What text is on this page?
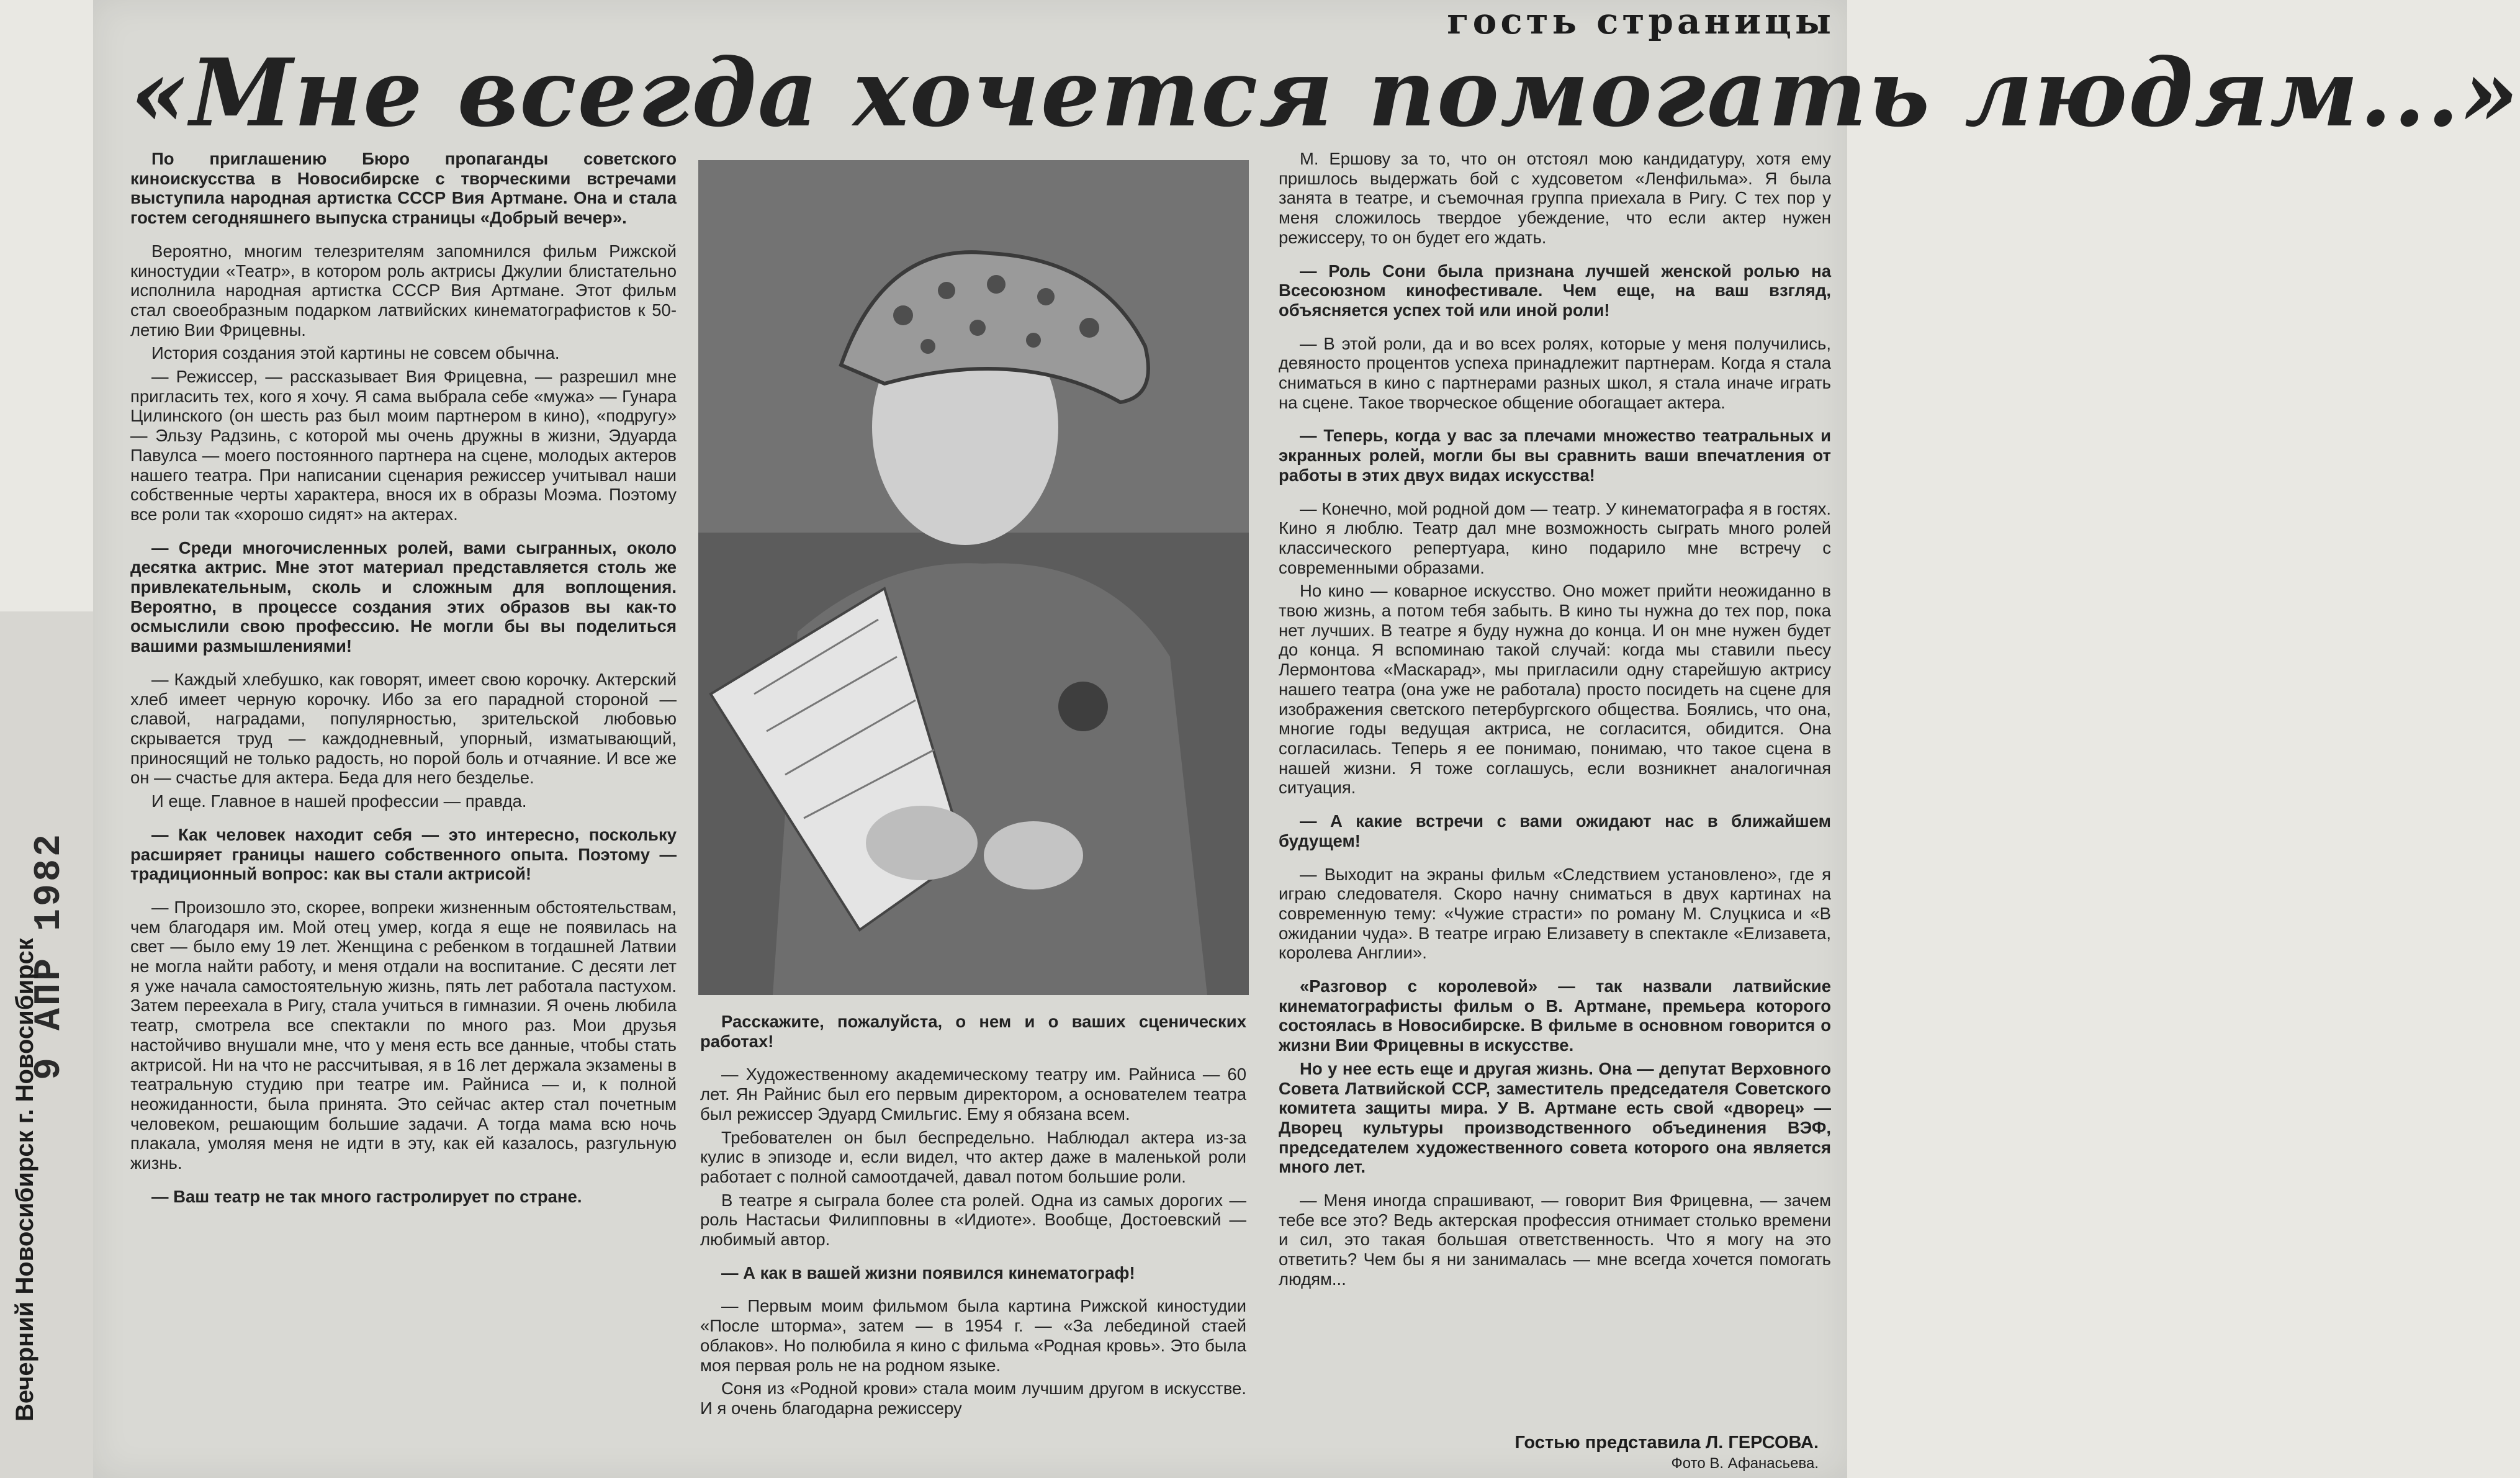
9 АПР 1982
Вечерний Новосибирск г. Новосибирск
гость страницы
«Мне всегда хочется помогать людям...»

По приглашению Бюро пропаганды советского киноискусства в Новосибирске с творческими встречами выступила народная артистка СССР Вия Артмане. Она и стала гостем сегодняшнего выпуска страницы «Добрый вечер».

Вероятно, многим телезрителям запомнился фильм Рижской киностудии «Театр», в котором роль актрисы Джулии блистательно исполнила народная артистка СССР Вия Артмане. Этот фильм стал своеобразным подарком латвийских кинематографистов к 50-летию Вии Фрицевны.

История создания этой картины не совсем обычна.

— Режиссер, — рассказывает Вия Фрицевна, — разрешил мне пригласить тех, кого я хочу. Я сама выбрала себе «мужа» — Гунара Цилинского (он шесть раз был моим партнером в кино), «подругу» — Эльзу Радзинь, с которой мы очень дружны в жизни, Эдуарда Павулса — моего постоянного партнера на сцене, молодых актеров нашего театра. При написании сценария режиссер учитывал наши собственные черты характера, внося их в образы Моэма. Поэтому все роли так «хорошо сидят» на актерах.

— Среди многочисленных ролей, вами сыгранных, около десятка актрис. Мне этот материал представляется столь же привлекательным, сколь и сложным для воплощения. Вероятно, в процессе создания этих образов вы как-то осмыслили свою профессию. Не могли бы вы поделиться вашими размышлениями!

— Каждый хлебушко, как говорят, имеет свою корочку. Актерский хлеб имеет черную корочку. Ибо за его парадной стороной — славой, наградами, популярностью, зрительской любовью скрывается труд — каждодневный, упорный, изматывающий, приносящий не только радость, но порой боль и отчаяние. И все же он — счастье для актера. Беда для него безделье.

И еще. Главное в нашей профессии — правда.

— Как человек находит себя — это интересно, поскольку расширяет границы нашего собственного опыта. Поэтому — традиционный вопрос: как вы стали актрисой!

— Произошло это, скорее, вопреки жизненным обстоятельствам, чем благодаря им. Мой отец умер, когда я еще не появилась на свет — было ему 19 лет. Женщина с ребенком в тогдашней Латвии не могла найти работу, и меня отдали на воспитание. С десяти лет я уже начала самостоятельную жизнь, пять лет работала пастухом. Затем переехала в Ригу, стала учиться в гимназии. Я очень любила театр, смотрела все спектакли по много раз. Мои друзья настойчиво внушали мне, что у меня есть все данные, чтобы стать актрисой. Ни на что не рассчитывая, я в 16 лет держала экзамены в театральную студию при театре им. Райниса — и, к полной неожиданности, была принята. Это сейчас актер стал почетным человеком, решающим большие задачи. А тогда мама всю ночь плакала, умоляя меня не идти в эту, как ей казалось, разгульную жизнь.

— Ваш театр не так много гастролирует по стране.

Расскажите, пожалуйста, о нем и о ваших сценических работах!

— Художественному академическому театру им. Райниса — 60 лет. Ян Райнис был его первым директором, а основателем театра был режиссер Эдуард Смильгис. Ему я обязана всем.

Требователен он был беспредельно. Наблюдал актера из-за кулис в эпизоде и, если видел, что актер даже в маленькой роли работает с полной самоотдачей, давал потом большие роли.

В театре я сыграла более ста ролей. Одна из самых дорогих — роль Настасьи Филипповны в «Идиоте». Вообще, Достоевский — любимый автор.

— А как в вашей жизни появился кинематограф!

— Первым моим фильмом была картина Рижской киностудии «После шторма», затем — в 1954 г. — «За лебединой стаей облаков». Но полюбила я кино с фильма «Родная кровь». Это была моя первая роль не на родном языке.

Соня из «Родной крови» стала моим лучшим другом в искусстве. И я очень благодарна режиссеру

М. Ершову за то, что он отстоял мою кандидатуру, хотя ему пришлось выдержать бой с худсоветом «Ленфильма». Я была занята в театре, и съемочная группа приехала в Ригу. С тех пор у меня сложилось твердое убеждение, что если актер нужен режиссеру, то он будет его ждать.

— Роль Сони была признана лучшей женской ролью на Всесоюзном кинофестивале. Чем еще, на ваш взгляд, объясняется успех той или иной роли!

— В этой роли, да и во всех ролях, которые у меня получились, девяносто процентов успеха принадлежит партнерам. Когда я стала сниматься в кино с партнерами разных школ, я стала иначе играть на сцене. Такое творческое общение обогащает актера.

— Теперь, когда у вас за плечами множество театральных и экранных ролей, могли бы вы сравнить ваши впечатления от работы в этих двух видах искусства!

— Конечно, мой родной дом — театр. У кинематографа я в гостях. Кино я люблю. Театр дал мне возможность сыграть много ролей классического репертуара, кино подарило мне встречу с современными образами.

Но кино — коварное искусство. Оно может прийти неожиданно в твою жизнь, а потом тебя забыть. В кино ты нужна до тех пор, пока нет лучших. В театре я буду нужна до конца. И он мне нужен будет до конца. Я вспоминаю такой случай: когда мы ставили пьесу Лермонтова «Маскарад», мы пригласили одну старейшую актрису нашего театра (она уже не работала) просто посидеть на сцене для изображения светского петербургского общества. Боялись, что она, многие годы ведущая актриса, не согласится, обидится. Она согласилась. Теперь я ее понимаю, понимаю, что такое сцена в нашей жизни. Я тоже соглашусь, если возникнет аналогичная ситуация.

— А какие встречи с вами ожидают нас в ближайшем будущем!

— Выходит на экраны фильм «Следствием установлено», где я играю следователя. Скоро начну сниматься в двух картинах на современную тему: «Чужие страсти» по роману М. Слуцкиса и «В ожидании чуда». В театре играю Елизавету в спектакле «Елизавета, королева Англии».

«Разговор с королевой» — так назвали латвийские кинематографисты фильм о В. Артмане, премьера которого состоялась в Новосибирске. В фильме в основном говорится о жизни Вии Фрицевны в искусстве.

Но у нее есть еще и другая жизнь. Она — депутат Верховного Совета Латвийской ССР, заместитель председателя Советского комитета защиты мира. У В. Артмане есть свой «дворец» — Дворец культуры производственного объединения ВЭФ, председателем художественного совета которого она является много лет.

— Меня иногда спрашивают, — говорит Вия Фрицевна, — зачем тебе все это? Ведь актерская профессия отнимает столько времени и сил, это такая большая ответственность. Что я могу на это ответить? Чем бы я ни занималась — мне всегда хочется помогать людям...

Гостью представила Л. ГЕРСОВА.
Фото В. Афанасьева.
